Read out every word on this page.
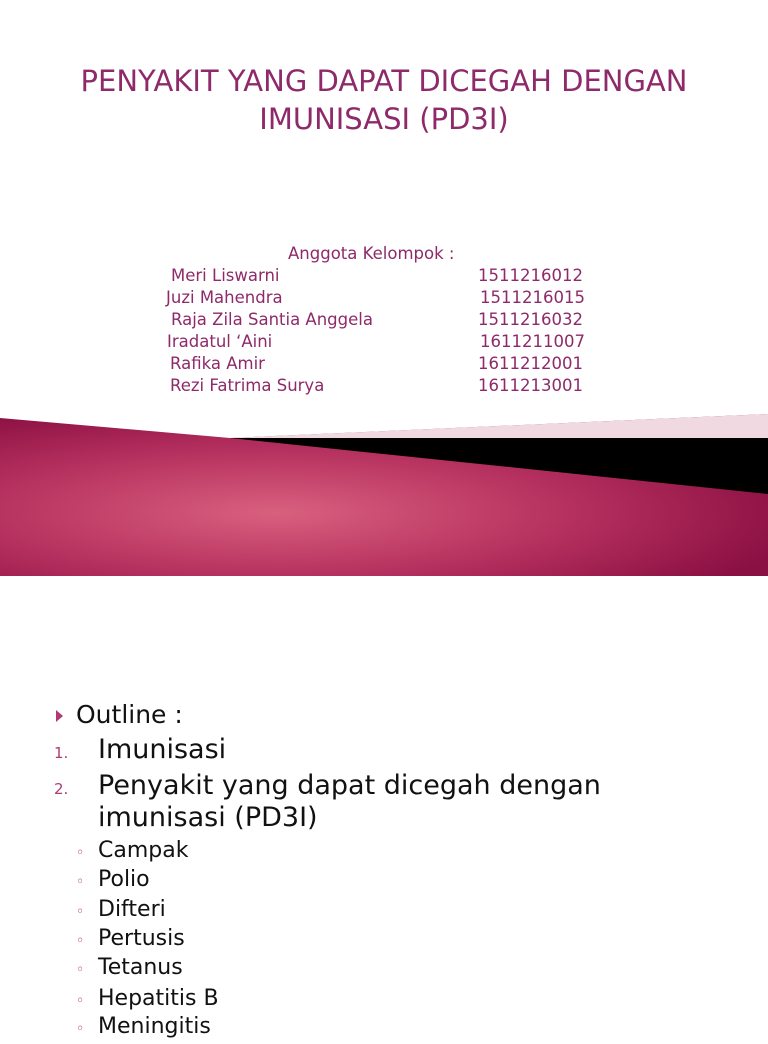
PENYAKIT YANG DAPAT DICEGAH DENGAN
IMUNISASI (PD3I)
Anggota Kelompok :
Meri Liswarni	1511216012
Juzi Mahendra	1511216015
Raja Zila Santia Anggela	1511216032
Iradatul ‘Aini	1611211007
Rafika Amir	1611212001
Rezi Fatrima Surya	1611213001
Outline :
1. Imunisasi
2. Penyakit yang dapat dicegah dengan
imunisasi (PD3I)
◦ Campak
◦ Polio
◦ Difteri
◦ Pertusis
◦ Tetanus
◦ Hepatitis B
◦ Meningitis
